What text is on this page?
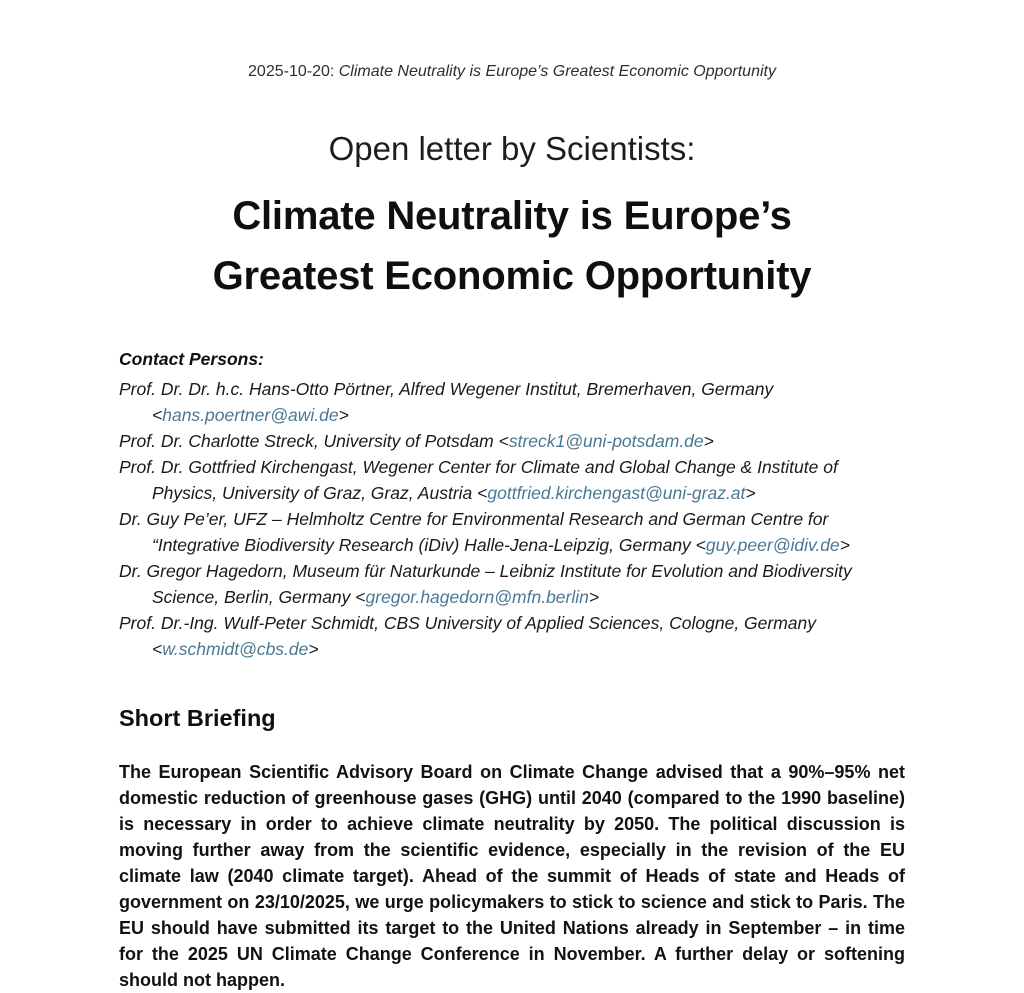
2025-10-20: Climate Neutrality is Europe’s Greatest Economic Opportunity

Open letter by Scientists:
Climate Neutrality is Europe’s
Greatest Economic Opportunity

Contact Persons:

Prof. Dr. Dr. h.c. Hans-Otto Pörtner, Alfred Wegener Institut, Bremerhaven, Germany <hans.poertner@awi.de>

Prof. Dr. Charlotte Streck, University of Potsdam <streck1@uni-potsdam.de>

Prof. Dr. Gottfried Kirchengast, Wegener Center for Climate and Global Change & Institute of Physics, University of Graz, Graz, Austria <gottfried.kirchengast@uni-graz.at>

Dr. Guy Pe’er, UFZ – Helmholtz Centre for Environmental Research and German Centre for “Integrative Biodiversity Research (iDiv) Halle-Jena-Leipzig, Germany <guy.peer@idiv.de>

Dr. Gregor Hagedorn, Museum für Naturkunde – Leibniz Institute for Evolution and Biodiversity Science, Berlin, Germany <gregor.hagedorn@mfn.berlin>

Prof. Dr.-Ing. Wulf-Peter Schmidt, CBS University of Applied Sciences, Cologne, Germany <w.schmidt@cbs.de>

Short Briefing

The European Scientific Advisory Board on Climate Change advised that a 90%–95% net domestic reduction of greenhouse gases (GHG) until 2040 (compared to the 1990 baseline) is necessary in order to achieve climate neutrality by 2050. The political discussion is moving further away from the scientific evidence, especially in the revision of the EU climate law (2040 climate target). Ahead of the summit of Heads of state and Heads of government on 23/10/2025, we urge policymakers to stick to science and stick to Paris. The EU should have submitted its target to the United Nations already in September – in time for the 2025 UN Climate Change Conference in November. A further delay or softening should not happen.
